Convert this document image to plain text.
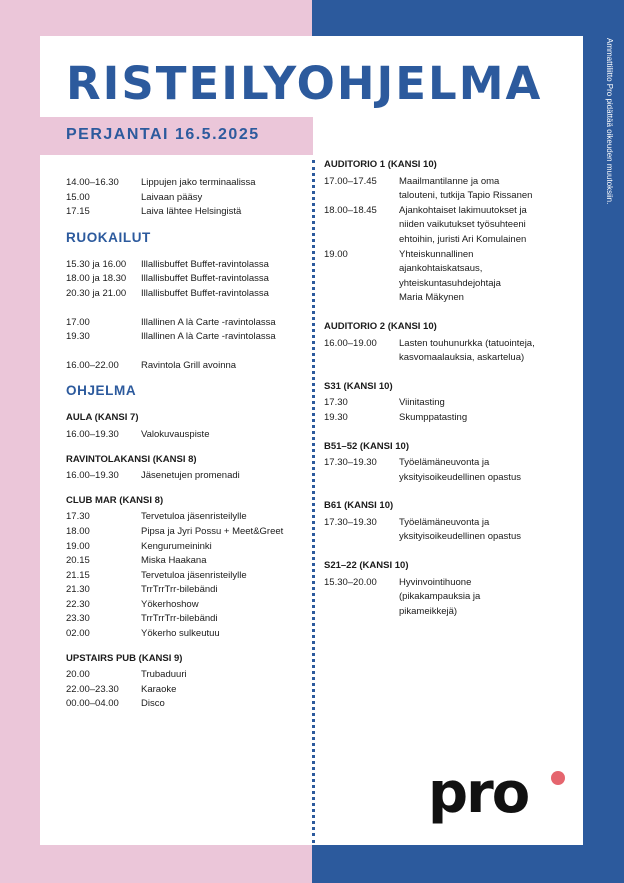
RISTEILYOHJELMA
PERJANTAI 16.5.2025	Ammattiliitto Pro pidättää oikeuden muutoksiin.
14.00–16.30	Lippujen jako terminaalissa
15.00	Laivaan pääsy
17.15	Laiva lähtee Helsingistä
RUOKAILUT
15.30 ja 16.00	Illallisbuffet Buffet-ravintolassa
18.00 ja 18.30	Illallisbuffet Buffet-ravintolassa
20.30 ja 21.00	Illallisbuffet Buffet-ravintolassa
17.00	Illallinen A là Carte -ravintolassa
19.30	Illallinen A là Carte -ravintolassa
16.00–22.00	Ravintola Grill avoinna
OHJELMA
AULA (KANSI 7)
16.00–19.30	Valokuvauspiste
RAVINTOLAKANSI (KANSI 8)
16.00–19.30	Jäsenetujen promenadi
CLUB MAR (KANSI 8)
17.30	Tervetuloa jäsenristeilylle
18.00	Pipsa ja Jyri Possu + Meet&Greet
19.00	Kengurumeininki
20.15	Miska Haakana
21.15	Tervetuloa jäsenristeilylle
21.30	TrrTrrTrr-bilebändi
22.30	Yökerhoshow
23.30	TrrTrrTrr-bilebändi
02.00	Yökerho sulkeutuu
UPSTAIRS PUB (KANSI 9)
20.00	Trubaduuri
22.00–23.30	Karaoke
00.00–04.00	Disco
AUDITORIO 1 (KANSI 10)
17.00–17.45	Maailmantilanne ja oma
talouteni, tutkija Tapio Rissanen
18.00–18.45	Ajankohtaiset lakimuutokset ja
niiden vaikutukset työsuhteeni
ehtoihin, juristi Ari Komulainen
19.00	Yhteiskunnallinen
ajankohtaiskatsaus,
yhteiskuntasuhdejohtaja
Maria Mäkynen
AUDITORIO 2 (KANSI 10)
16.00–19.00	Lasten touhunurkka (tatuointeja,
kasvomaalauksia, askartelua)
S31 (KANSI 10)
17.30	Viinitasting
19.30	Skumppatasting
B51–52 (KANSI 10)
17.30–19.30	Työelämäneuvonta ja
yksityisoikeudellinen opastus
B61 (KANSI 10)
17.30–19.30	Työelämäneuvonta ja
yksityisoikeudellinen opastus
S21–22 (KANSI 10)
15.30–20.00	Hyvinvointihuone
(pikakampauksia ja
pikameikkejä)
pro
